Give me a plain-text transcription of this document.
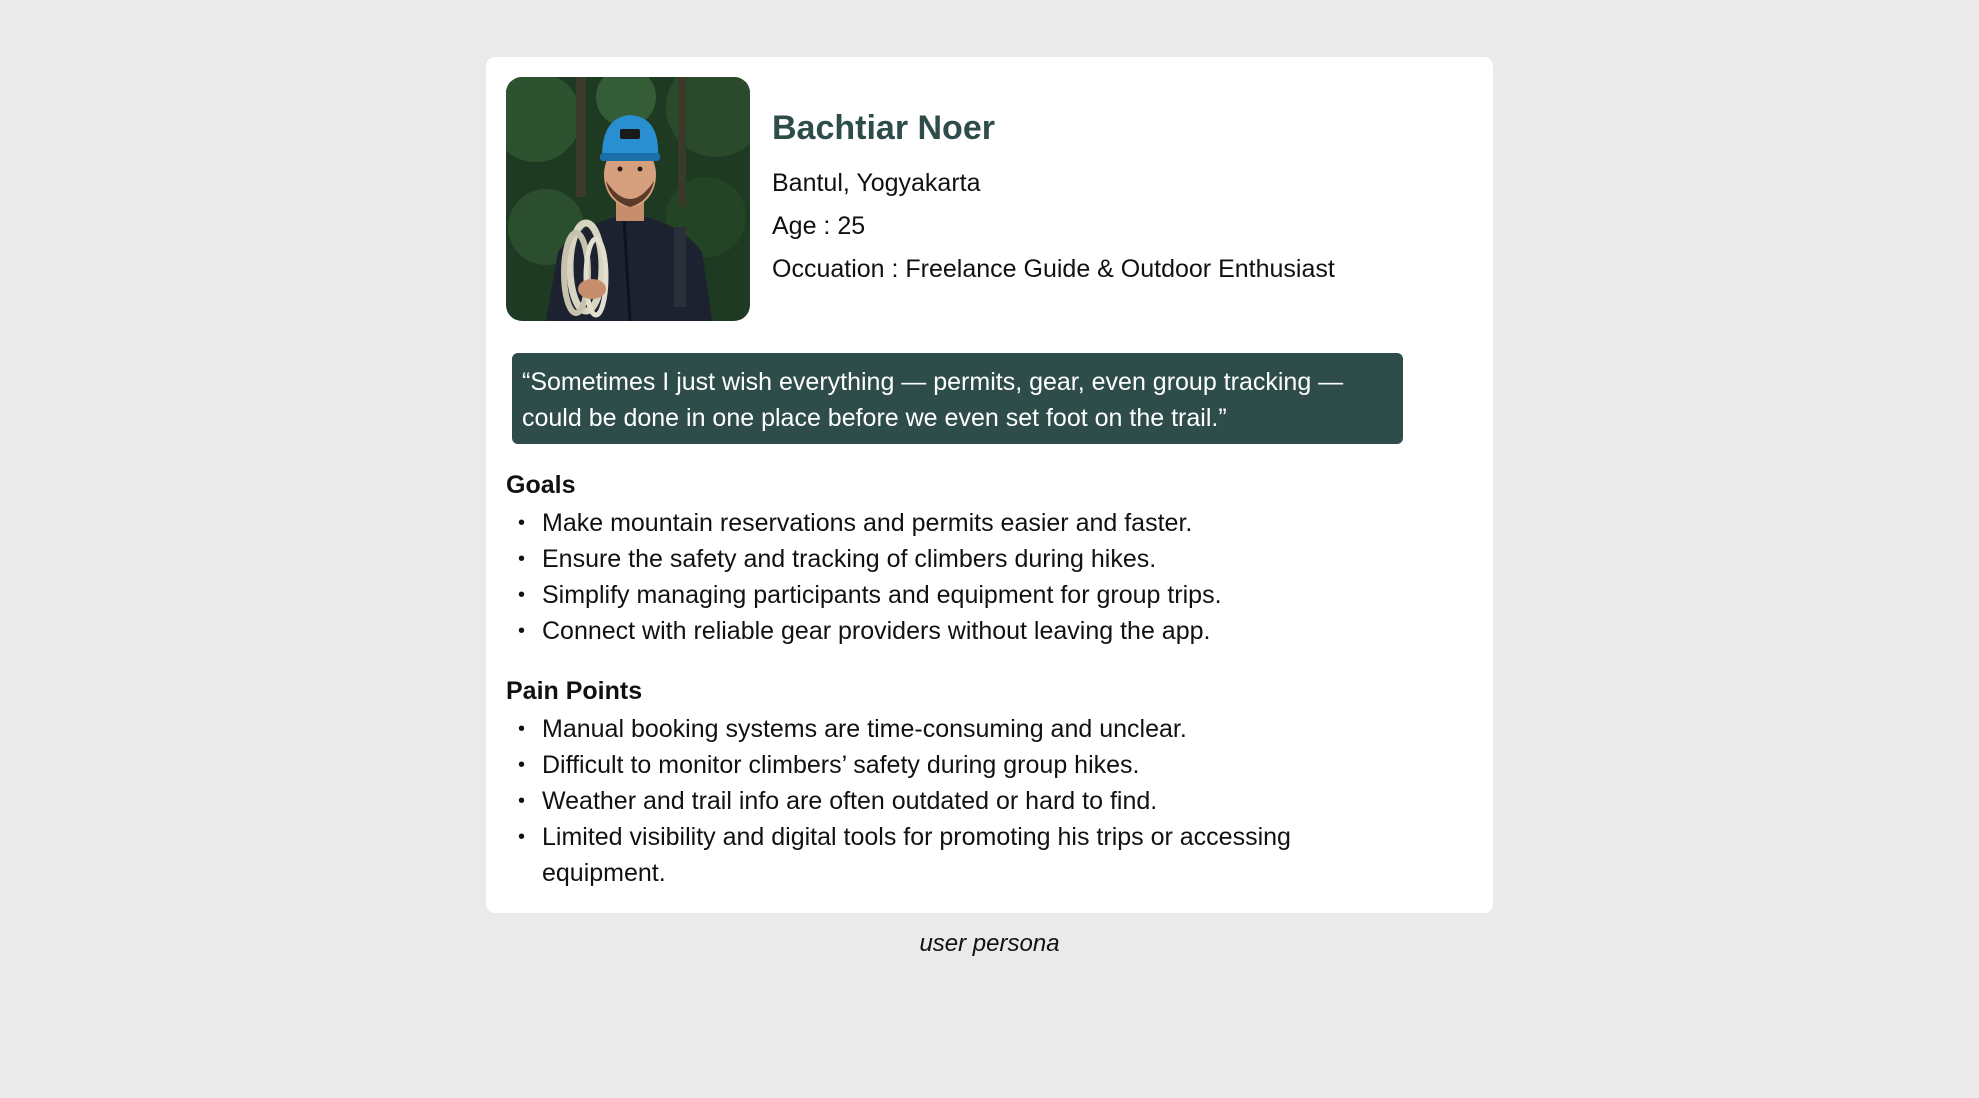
Bachtiar Noer

Bantul, Yogyakarta

Age : 25

Occuation : Freelance Guide & Outdoor Enthusiast

“Sometimes I just wish everything — permits, gear, even group tracking — could be done in one place before we even set foot on the trail.”

Goals
• Make mountain reservations and permits easier and faster.
• Ensure the safety and tracking of climbers during hikes.
• Simplify managing participants and equipment for group trips.
• Connect with reliable gear providers without leaving the app.
Pain Points
• Manual booking systems are time-consuming and unclear.
• Difficult to monitor climbers’ safety during group hikes.
• Weather and trail info are often outdated or hard to find.
• Limited visibility and digital tools for promoting his trips or accessing equipment.

user persona
